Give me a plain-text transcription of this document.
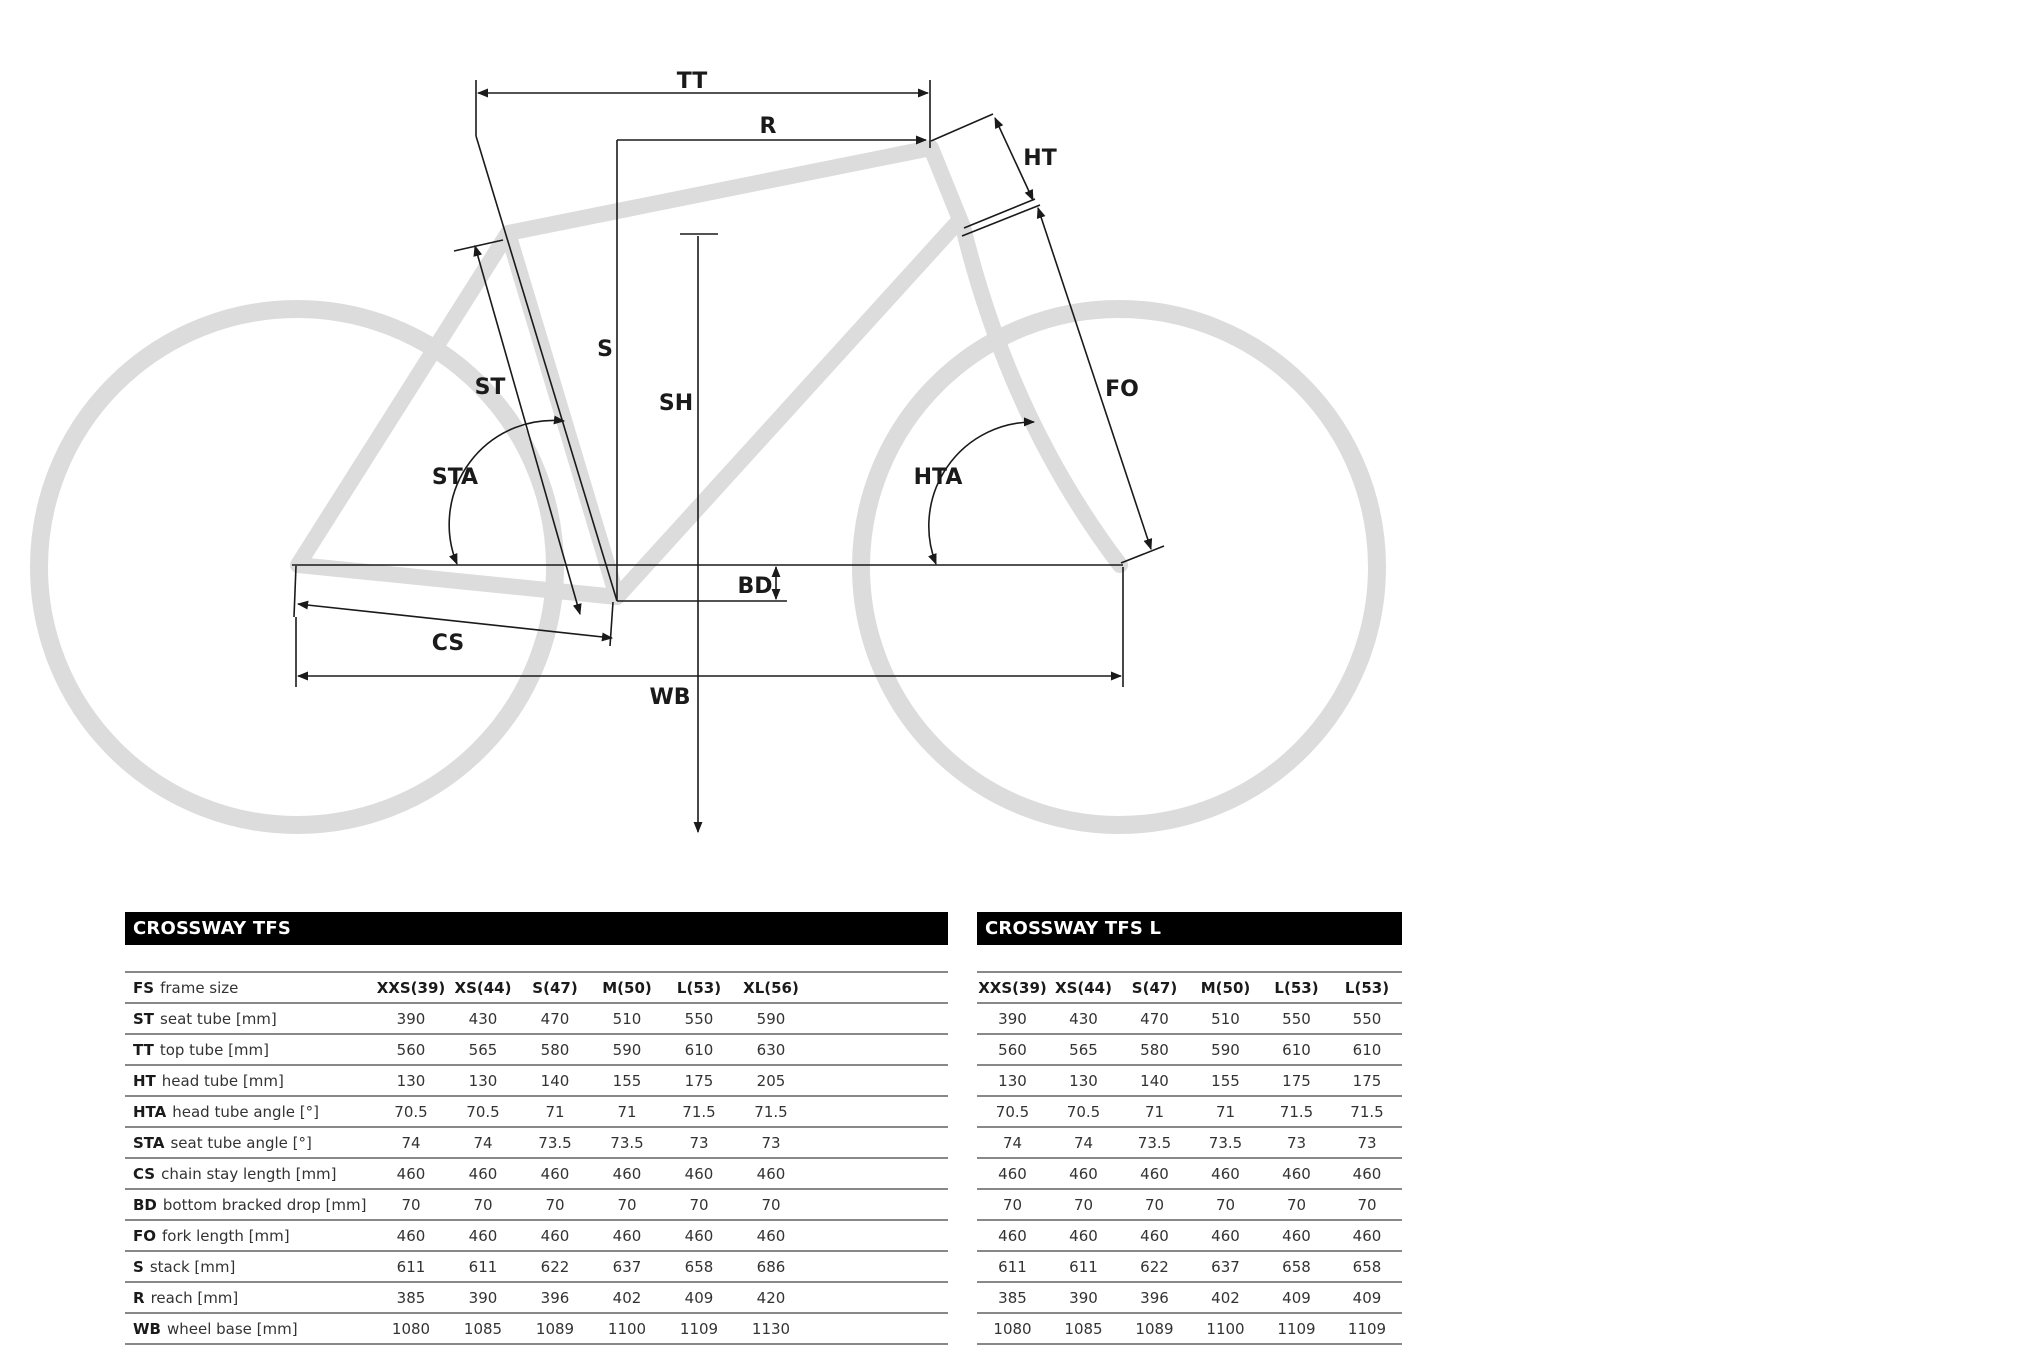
TT
R
HT
S
SH
ST
STA
FO
HTA
BD
CS
WB
CROSSWAY TFS
FS frame size	XXS(39)	XS(44)	S(47)	M(50)	L(53)	XL(56)	
ST seat tube [mm]	390	430	470	510	550	590	
TT top tube [mm]	560	565	580	590	610	630	
HT head tube [mm]	130	130	140	155	175	205	
HTA head tube angle [°]	70.5	70.5	71	71	71.5	71.5	
STA seat tube angle [°]	74	74	73.5	73.5	73	73	
CS chain stay length [mm]	460	460	460	460	460	460	
BD bottom bracked drop [mm]	70	70	70	70	70	70	
FO fork length [mm]	460	460	460	460	460	460	
S stack [mm]	611	611	622	637	658	686	
R reach [mm]	385	390	396	402	409	420	
WB wheel base [mm]	1080	1085	1089	1100	1109	1130	
CROSSWAY TFS L
XXS(39)	XS(44)	S(47)	M(50)	L(53)	L(53)
390	430	470	510	550	550
560	565	580	590	610	610
130	130	140	155	175	175
70.5	70.5	71	71	71.5	71.5
74	74	73.5	73.5	73	73
460	460	460	460	460	460
70	70	70	70	70	70
460	460	460	460	460	460
611	611	622	637	658	658
385	390	396	402	409	409
1080	1085	1089	1100	1109	1109
